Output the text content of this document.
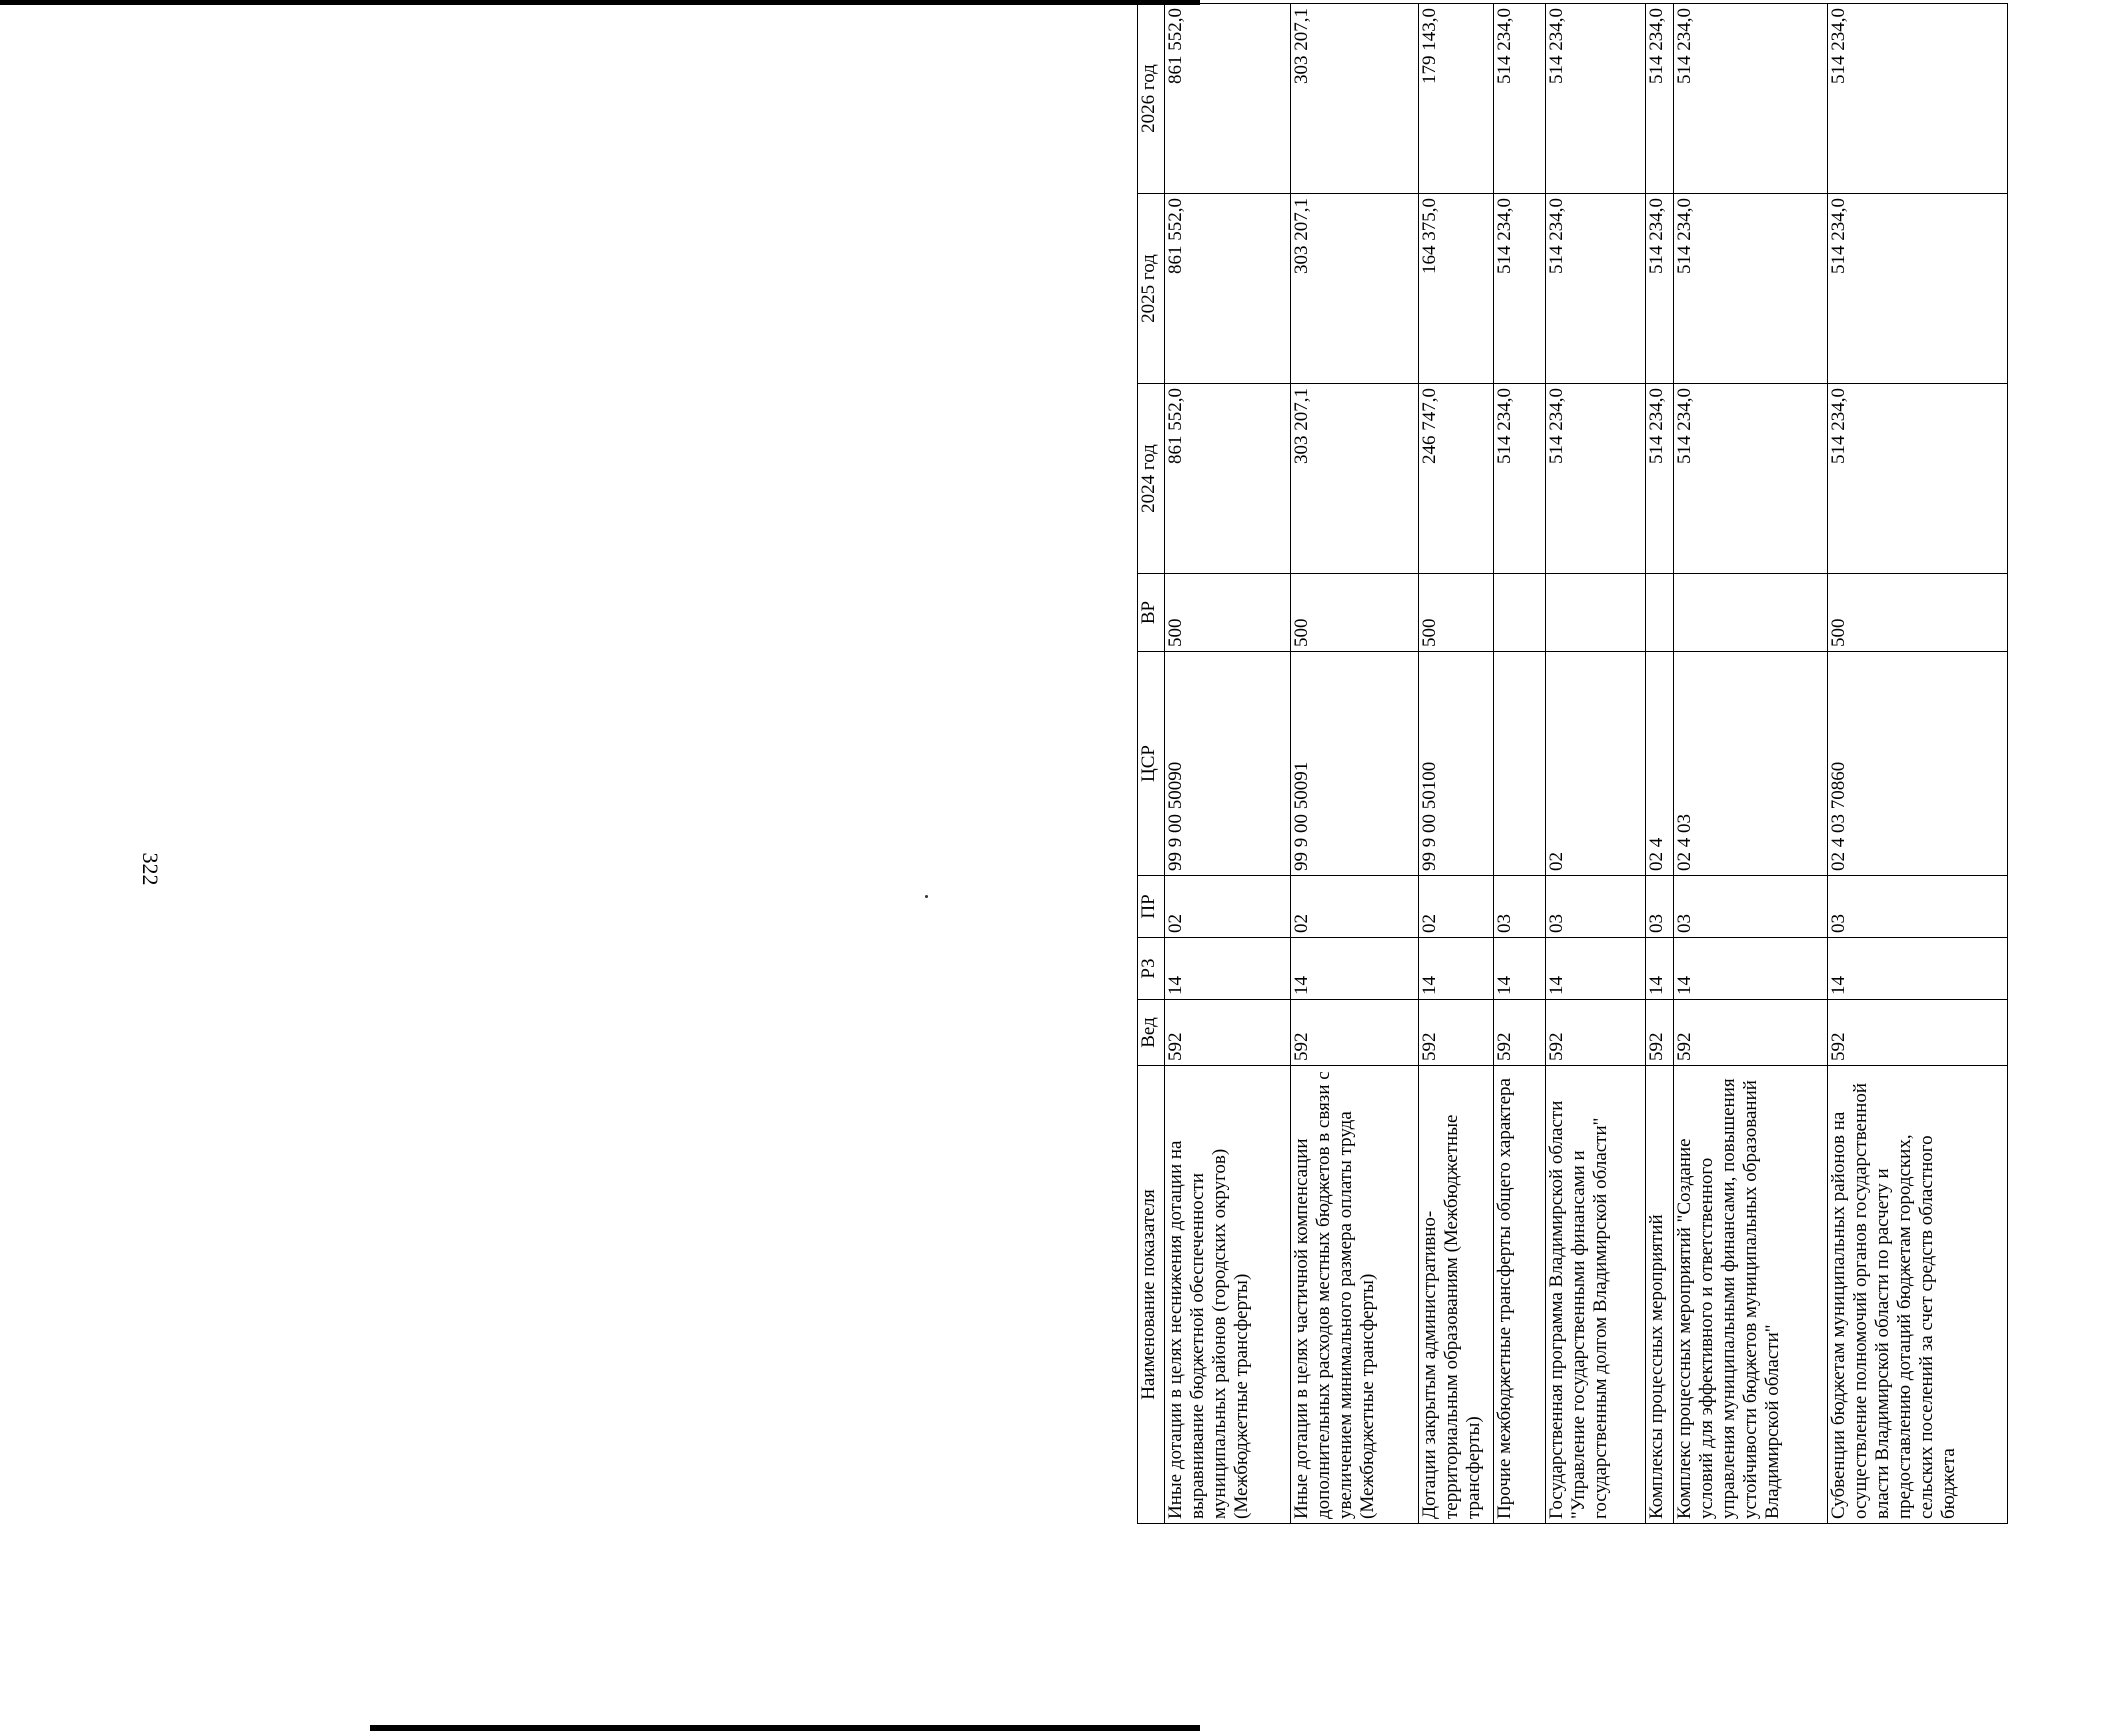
322
Наименование показателя	Вед	РЗ	ПР	ЦСР	ВР	2024 год	2025 год	2026 год
Иные дотации в целях неснижения дотации на выравнивание бюджетной обеспеченности муниципальных районов (городских округов) (Межбюджетные трансферты)	592	14	02	99 9 00 50090	500	861 552,0	861 552,0	861 552,0
Иные дотации в целях частичной компенсации дополнительных расходов местных бюджетов в связи с увеличением минимального размера оплаты труда (Межбюджетные трансферты)	592	14	02	99 9 00 50091	500	303 207,1	303 207,1	303 207,1
Дотации закрытым административно-территориальным образованиям (Межбюджетные трансферты)	592	14	02	99 9 00 50100	500	246 747,0	164 375,0	179 143,0
Прочие межбюджетные трансферты общего характера	592	14	03			514 234,0	514 234,0	514 234,0
Государственная программа Владимирской области "Управление государственными финансами и государственным долгом Владимирской области"	592	14	03	02		514 234,0	514 234,0	514 234,0
Комплексы процессных мероприятий	592	14	03	02 4		514 234,0	514 234,0	514 234,0
Комплекс процессных мероприятий "Создание условий для эффективного и ответственного управления муниципальными финансами, повышения устойчивости бюджетов муниципальных образований Владимирской области"	592	14	03	02 4 03		514 234,0	514 234,0	514 234,0
Субвенции бюджетам муниципальных районов на осуществление полномочий органов государственной власти Владимирской области по расчету и предоставлению дотаций бюджетам городских, сельских поселений за счет средств областного бюджета	592	14	03	02 4 03 70860	500	514 234,0	514 234,0	514 234,0
